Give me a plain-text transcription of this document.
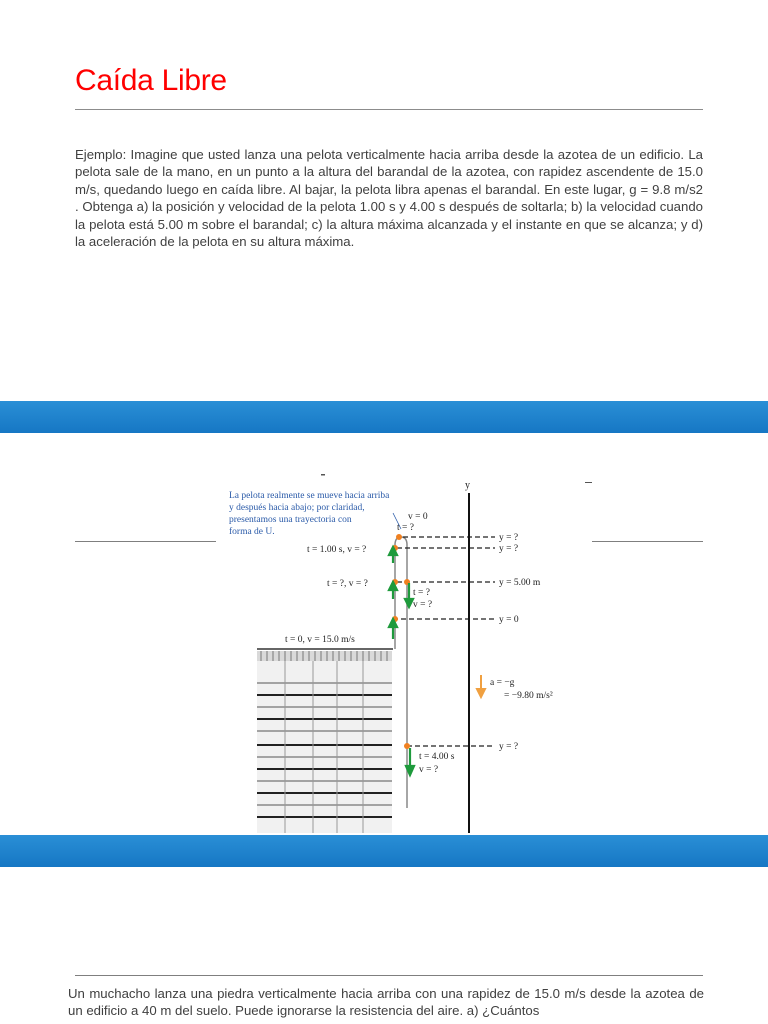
Caída Libre
Ejemplo: Imagine que usted lanza una pelota verticalmente hacia arriba desde la azotea de un edificio. La pelota sale de la mano, en un punto a la altura del barandal de la azotea, con rapidez ascendente de 15.0 m/s, quedando luego en caída libre. Al bajar, la pelota libra apenas el barandal. En este lugar, g = 9.8 m/s2 . Obtenga a) la posición y velocidad de la pelota 1.00 s y 4.00 s después de soltarla; b) la velocidad cuando la pelota está 5.00 m sobre el barandal; c) la altura máxima alcanzada y el instante en que se alcanza; y d) la aceleración de la pelota en su altura máxima.
La pelota realmente se mueve hacia arriba
y después hacia abajo; por claridad,
presentamos una trayectoria con
forma de U.
y
v = 0
t = ?
t = 1.00 s, v = ?
t = ?, v = ?
t = 0, v = 15.0 m/s
t = ?
v = ?
y = ?
y = ?
y = 5.00 m
y = 0
a = −g
= −9.80 m/s²
y = ?
t = 4.00 s
v = ?
Un muchacho lanza una piedra verticalmente hacia arriba con una rapidez de 15.0 m/s desde la azotea de un edificio a 40 m del suelo. Puede ignorarse la resistencia del aire. a) ¿Cuántos
